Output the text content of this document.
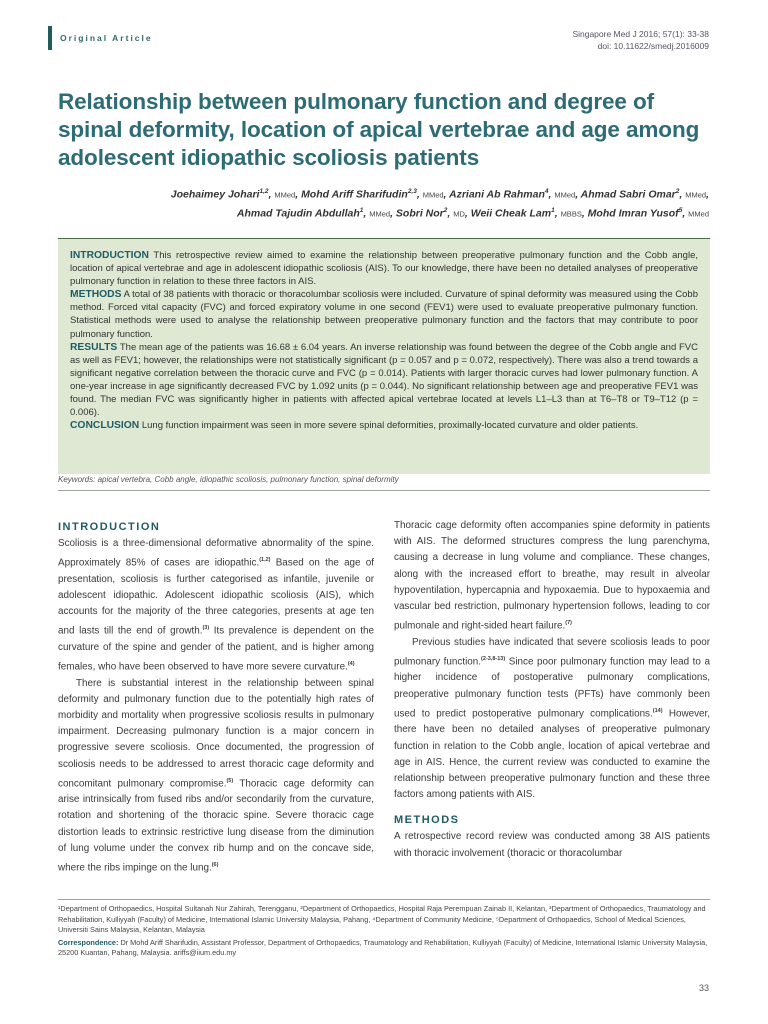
Original Article	Singapore Med J 2016; 57(1): 33-38
doi: 10.11622/smedj.2016009
Relationship between pulmonary function and degree of spinal deformity, location of apical vertebrae and age among adolescent idiopathic scoliosis patients
Joehaimey Johari$^{1,2}$, MMed, Mohd Ariff Sharifudin$^{2,3}$, MMed, Azriani Ab Rahman$^4$, MMed, Ahmad Sabri Omar$^2$, MMed,
Ahmad Tajudin Abdullah$^1$, MMed, Sobri Nor$^2$, MD, Weii Cheak Lam$^1$, MBBS, Mohd Imran Yusof$^5$, MMed

INTRODUCTION This retrospective review aimed to examine the relationship between preoperative pulmonary function and the Cobb angle, location of apical vertebrae and age in adolescent idiopathic scoliosis (AIS). To our knowledge, there have been no detailed analyses of preoperative pulmonary function in relation to these three factors in AIS.

METHODS A total of 38 patients with thoracic or thoracolumbar scoliosis were included. Curvature of spinal deformity was measured using the Cobb method. Forced vital capacity (FVC) and forced expiratory volume in one second (FEV1) were used to evaluate preoperative pulmonary function. Statistical methods were used to analyse the relationship between preoperative pulmonary function and the factors that may contribute to poor pulmonary function.

RESULTS The mean age of the patients was 16.68 ± 6.04 years. An inverse relationship was found between the degree of the Cobb angle and FVC as well as FEV1; however, the relationships were not statistically significant (p = 0.057 and p = 0.072, respectively). There was also a trend towards a significant negative correlation between the thoracic curve and FVC (p = 0.014). Patients with larger thoracic curves had lower pulmonary function. A one-year increase in age significantly decreased FVC by 1.092 units (p = 0.044). No significant relationship between age and preoperative FEV1 was found. The median FVC was significantly higher in patients with affected apical vertebrae located at levels L1–L3 than at T6–T8 or T9–T12 (p = 0.006).

CONCLUSION Lung function impairment was seen in more severe spinal deformities, proximally-located curvature and older patients.

Keywords: apical vertebra, Cobb angle, idiopathic scoliosis, pulmonary function, spinal deformity
INTRODUCTION

Scoliosis is a three-dimensional deformative abnormality of the spine. Approximately 85% of cases are idiopathic.$^{(1,2)}$ Based on the age of presentation, scoliosis is further categorised as infantile, juvenile or adolescent idiopathic. Adolescent idiopathic scoliosis (AIS), which accounts for the majority of the three categories, presents at age ten and lasts till the end of growth.$^{(3)}$ Its prevalence is dependent on the curvature of the spine and gender of the patient, and is higher among females, who have been observed to have more severe curvature.$^{(4)}$

There is substantial interest in the relationship between spinal deformity and pulmonary function due to the potentially high rates of morbidity and mortality when progressive scoliosis results in pulmonary impairment. Decreasing pulmonary function is a major concern in progressive severe scoliosis. Once documented, the progression of scoliosis needs to be addressed to arrest thoracic cage deformity and concomitant pulmonary compromise.$^{(5)}$ Thoracic cage deformity can arise intrinsically from fused ribs and/or secondarily from the curvature, rotation and shortening of the thoracic spine. Severe thoracic cage distortion leads to extrinsic restrictive lung disease from the diminution of lung volume under the convex rib hump and on the concave side, where the ribs impinge on the lung.$^{(6)}$

Thoracic cage deformity often accompanies spine deformity in patients with AIS. The deformed structures compress the lung parenchyma, causing a decrease in lung volume and compliance. These changes, along with the increased effort to breathe, may result in alveolar hypoventilation, hypercapnia and hypoxaemia. Due to hypoxaemia and vascular bed restriction, pulmonary hypertension follows, leading to cor pulmonale and right-sided heart failure.$^{(7)}$

Previous studies have indicated that severe scoliosis leads to poor pulmonary function.$^{(2-3,8-13)}$ Since poor pulmonary function may lead to a higher incidence of postoperative pulmonary complications, preoperative pulmonary function tests (PFTs) have commonly been used to predict postoperative pulmonary complications.$^{(14)}$ However, there have been no detailed analyses of preoperative pulmonary function in relation to the Cobb angle, location of apical vertebrae and age in AIS. Hence, the current review was conducted to examine the relationship between preoperative pulmonary function and these three factors among patients with AIS.

METHODS

A retrospective record review was conducted among 38 AIS patients with thoracic involvement (thoracic or thoracolumbar

¹Department of Orthopaedics, Hospital Sultanah Nur Zahirah, Terengganu, ²Department of Orthopaedics, Hospital Raja Perempuan Zainab II, Kelantan, ³Department of Orthopaedics, Traumatology and Rehabilitation, Kulliyyah (Faculty) of Medicine, International Islamic University Malaysia, Pahang, ⁴Department of Community Medicine, ⁵Department of Orthopaedics, School of Medical Sciences, Universiti Sains Malaysia, Kelantan, Malaysia

Correspondence: Dr Mohd Ariff Sharifudin, Assistant Professor, Department of Orthopaedics, Traumatology and Rehabilitation, Kulliyyah (Faculty) of Medicine, International Islamic University Malaysia, 25200 Kuantan, Pahang, Malaysia. ariffs@iium.edu.my

33
